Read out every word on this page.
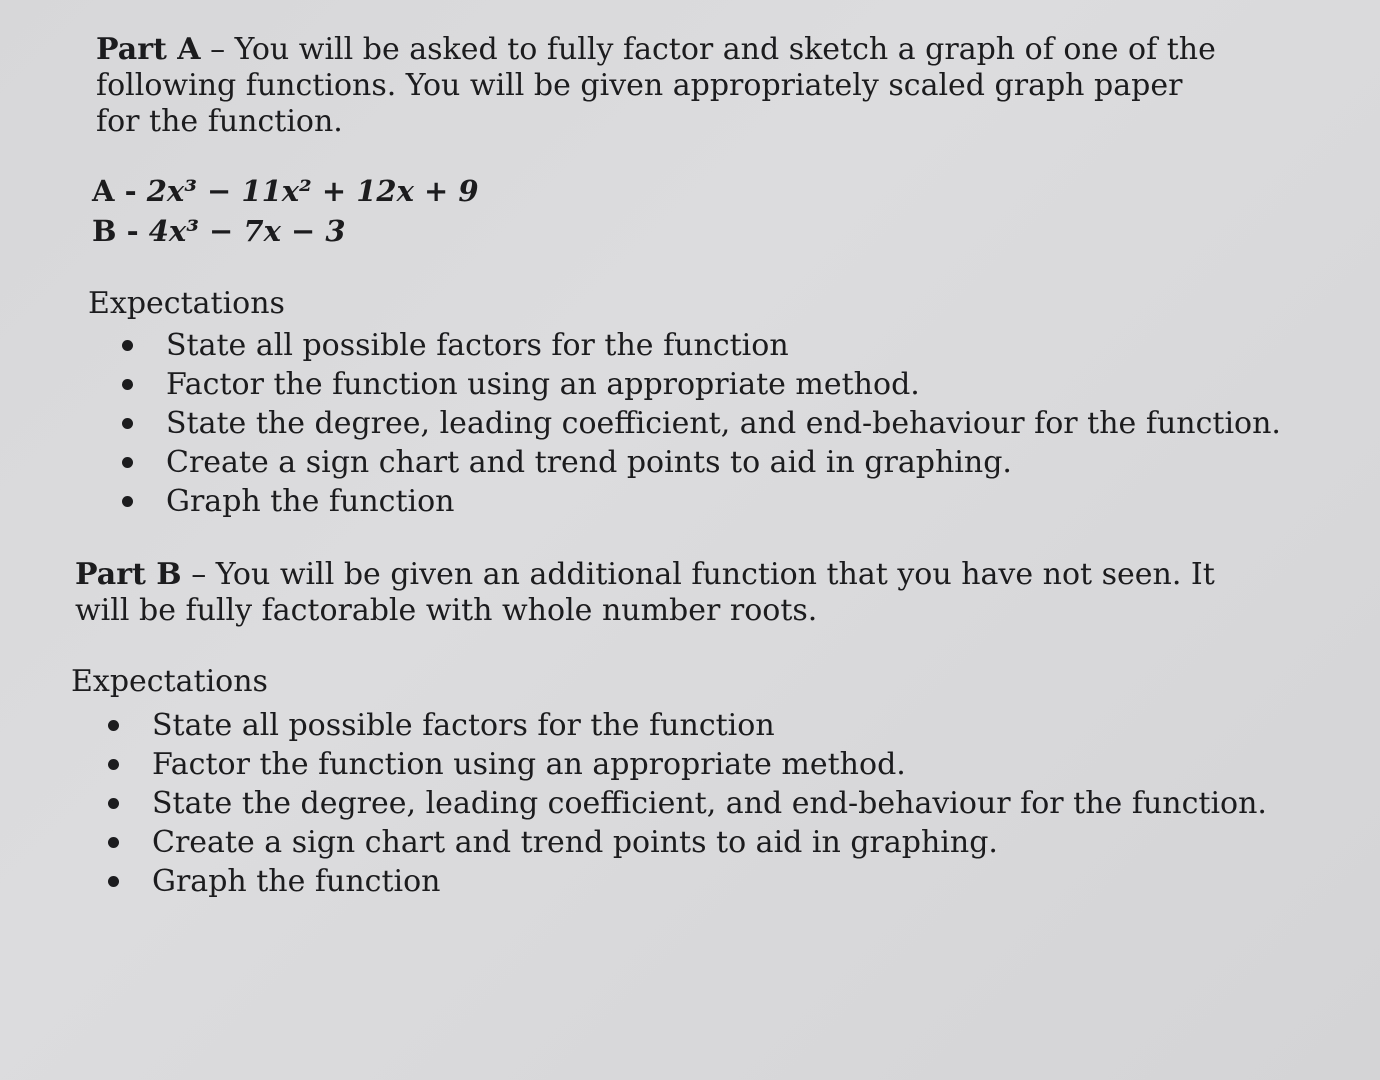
Part A – You will be asked to fully factor and sketch a graph of one of the following functions. You will be given appropriately scaled graph paper for the function.

A - 2x³ − 11x² + 12x + 9
B - 4x³ − 7x − 3
Expectations
State all possible factors for the function
Factor the function using an appropriate method.
State the degree, leading coefficient, and end-behaviour for the function.
Create a sign chart and trend points to aid in graphing.
Graph the function

Part B – You will be given an additional function that you have not seen. It will be fully factorable with whole number roots.

Expectations
State all possible factors for the function
Factor the function using an appropriate method.
State the degree, leading coefficient, and end-behaviour for the function.
Create a sign chart and trend points to aid in graphing.
Graph the function
